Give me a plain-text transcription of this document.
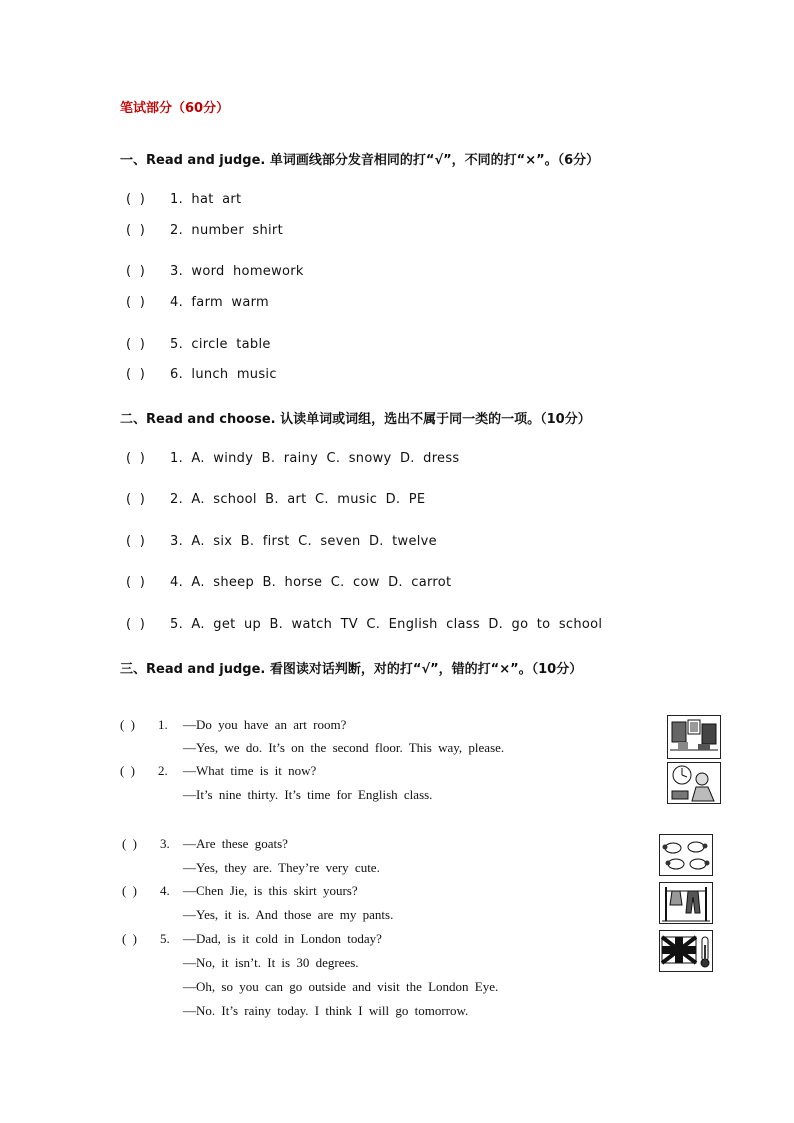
笔试部分（60分）
一、Read and judge. 单词画线部分发音相同的打“√”，不同的打“×”。（6分）
( ) 1. hat art
( ) 2. number shirt
( ) 3. word homework
( ) 4. farm warm
( ) 5. circle table
( ) 6. lunch music
二、Read and choose. 认读单词或词组，选出不属于同一类的一项。（10分）
( ) 1. A. windy B. rainy C. snowy D. dress
( ) 2. A. school B. art C. music D. PE
( ) 3. A. six B. first C. seven D. twelve
( ) 4. A. sheep B. horse C. cow D. carrot
( ) 5. A. get up B. watch TV C. English class D. go to school
三、Read and judge. 看图读对话判断，对的打“√”，错的打“×”。（10分）
( ) 1. —Do you have an art room?
—Yes, we do. It’s on the second floor. This way, please.
( ) 2. —What time is it now?
—It’s nine thirty. It’s time for English class.
( ) 3. —Are these goats?
—Yes, they are. They’re very cute.
( ) 4. —Chen Jie, is this skirt yours?
—Yes, it is. And those are my pants.
( ) 5. —Dad, is it cold in London today?
—No, it isn’t. It is 30 degrees.
—Oh, so you can go outside and visit the London Eye.
—No. It’s rainy today. I think I will go tomorrow.
